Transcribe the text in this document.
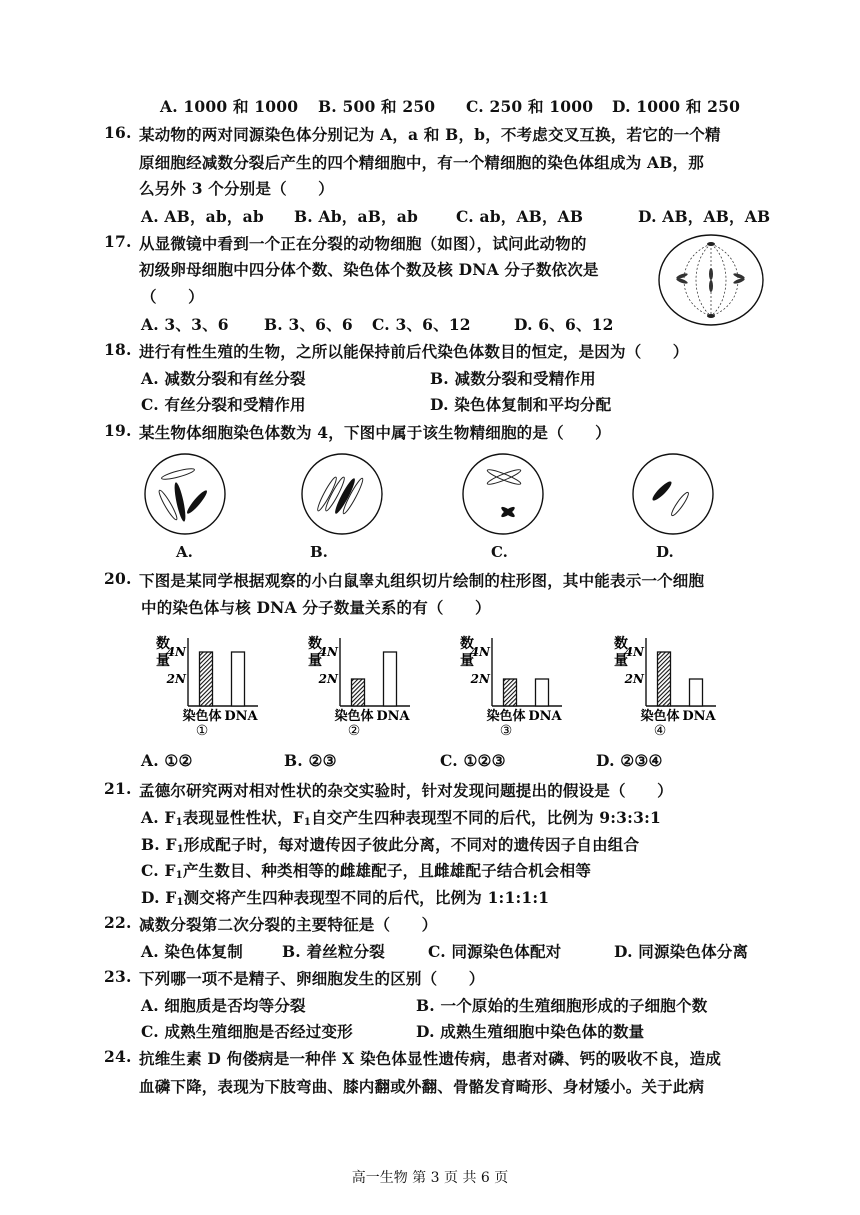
A. 1000 和 1000 B. 500 和 250 C. 250 和 1000 D. 1000 和 250
16. 某动物的两对同源染色体分别记为 A，a 和 B，b，不考虑交叉互换，若它的一个精
原细胞经减数分裂后产生的四个精细胞中，有一个精细胞的染色体组成为 AB，那
么另外 3 个分别是（　　）
A. AB，ab，ab B. Ab，aB，ab C. ab，AB，AB	D. AB，AB，AB
17. 从显微镜中看到一个正在分裂的动物细胞（如图），试问此动物的
初级卵母细胞中四分体个数、染色体个数及核 DNA 分子数依次是
（　　）
A. 3、3、6 B. 3、6、6 C. 3、6、12	D. 6、6、12
18. 进行有性生殖的生物，之所以能保持前后代染色体数目的恒定，是因为（　　）
A. 减数分裂和有丝分裂	B. 减数分裂和受精作用
C. 有丝分裂和受精作用	D. 染色体复制和平均分配
19. 某生物体细胞染色体数为 4，下图中属于该生物精细胞的是（　　）
A.	B.	C.	D.
20. 下图是某同学根据观察的小白鼠睾丸组织切片绘制的柱形图，其中能表示一个细胞
中的染色体与核 DNA 分子数量关系的有（　　）
数
量
4N
2N
染色体 DNA
①
数
量
4N
2N
染色体 DNA
②
数
量
4N
2N
染色体 DNA
③
数
量
4N
2N
染色体 DNA
④
A. ①②	B. ②③	C. ①②③	D. ②③④
21. 孟德尔研究两对相对性状的杂交实验时，针对发现问题提出的假设是（　　）
A. $F_1$表现显性性状，$F_1$自交产生四种表现型不同的后代，比例为 9:3:3:1
B. $F_1$形成配子时，每对遗传因子彼此分离，不同对的遗传因子自由组合
C. $F_1$产生数目、种类相等的雌雄配子，且雌雄配子结合机会相等
D. $F_1$测交将产生四种表现型不同的后代，比例为 1:1:1:1
22. 减数分裂第二次分裂的主要特征是（　　）
A. 染色体复制	B. 着丝粒分裂	C. 同源染色体配对	D. 同源染色体分离
23. 下列哪一项不是精子、卵细胞发生的区别（　　）
A. 细胞质是否均等分裂	B. 一个原始的生殖细胞形成的子细胞个数
C. 成熟生殖细胞是否经过变形	D. 成熟生殖细胞中染色体的数量
24. 抗维生素 D 佝偻病是一种伴 X 染色体显性遗传病，患者对磷、钙的吸收不良，造成
血磷下降，表现为下肢弯曲、膝内翻或外翻、骨骼发育畸形、身材矮小。关于此病
高一生物 第 3 页 共 6 页
